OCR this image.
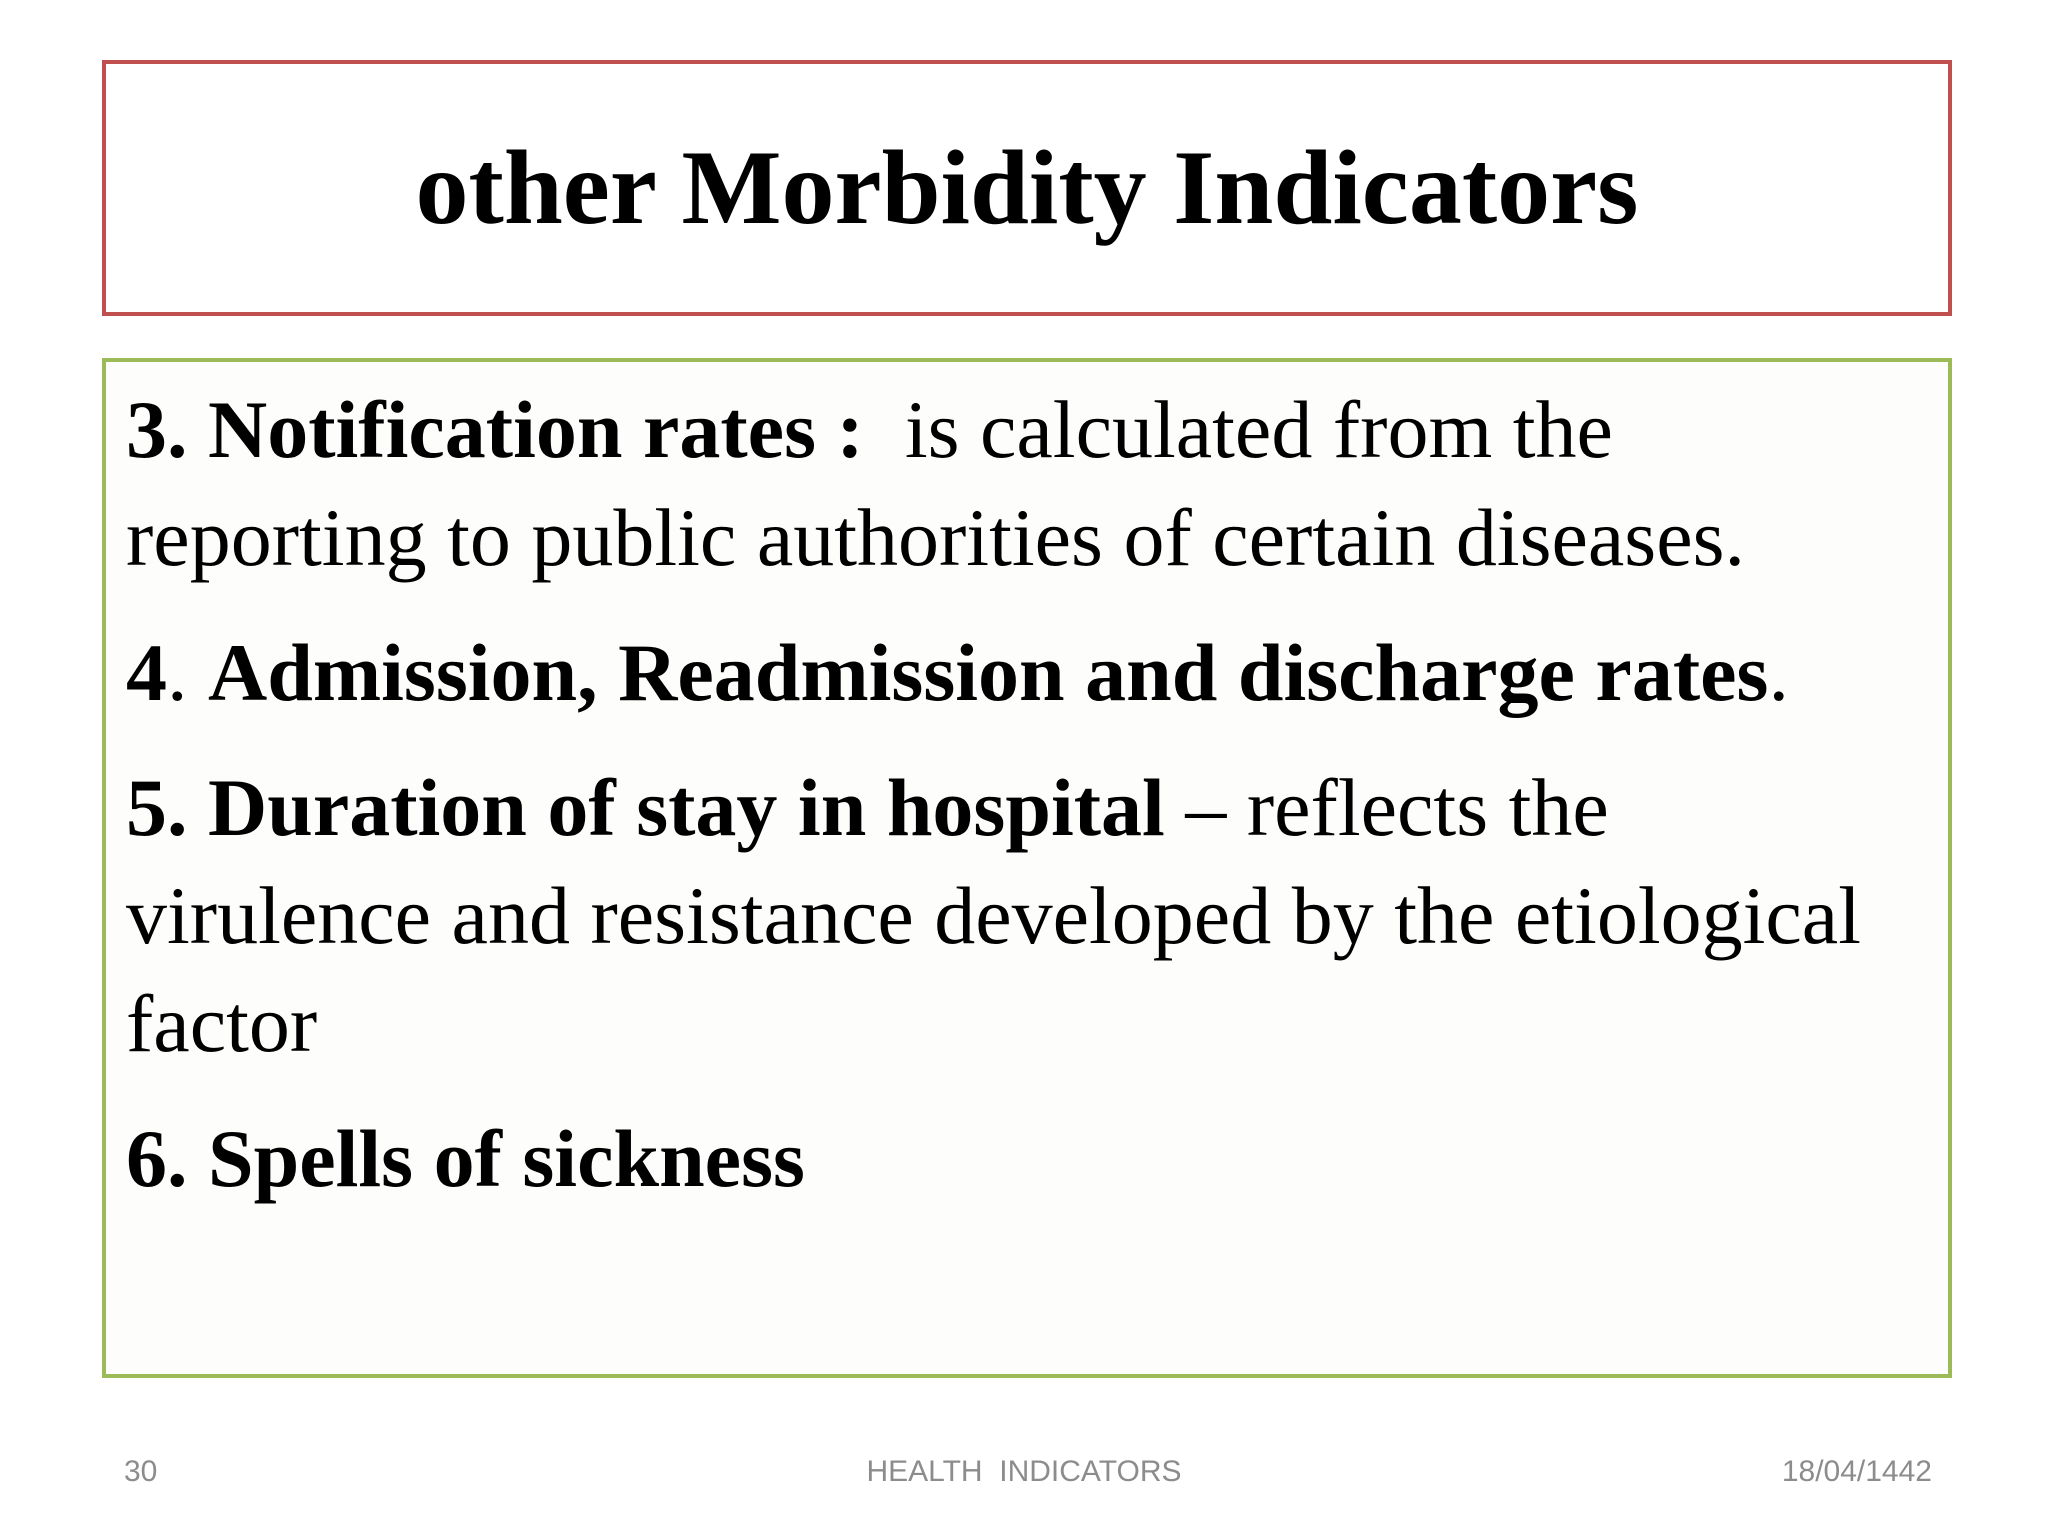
other Morbidity Indicators

3. Notification rates : is calculated from the reporting to public authorities of certain diseases.

4. Admission, Readmission and discharge rates.

5. Duration of stay in hospital – reflects the virulence and resistance developed by the etiological factor

6. Spells of sickness

30	HEALTH  INDICATORS	18/04/1442
